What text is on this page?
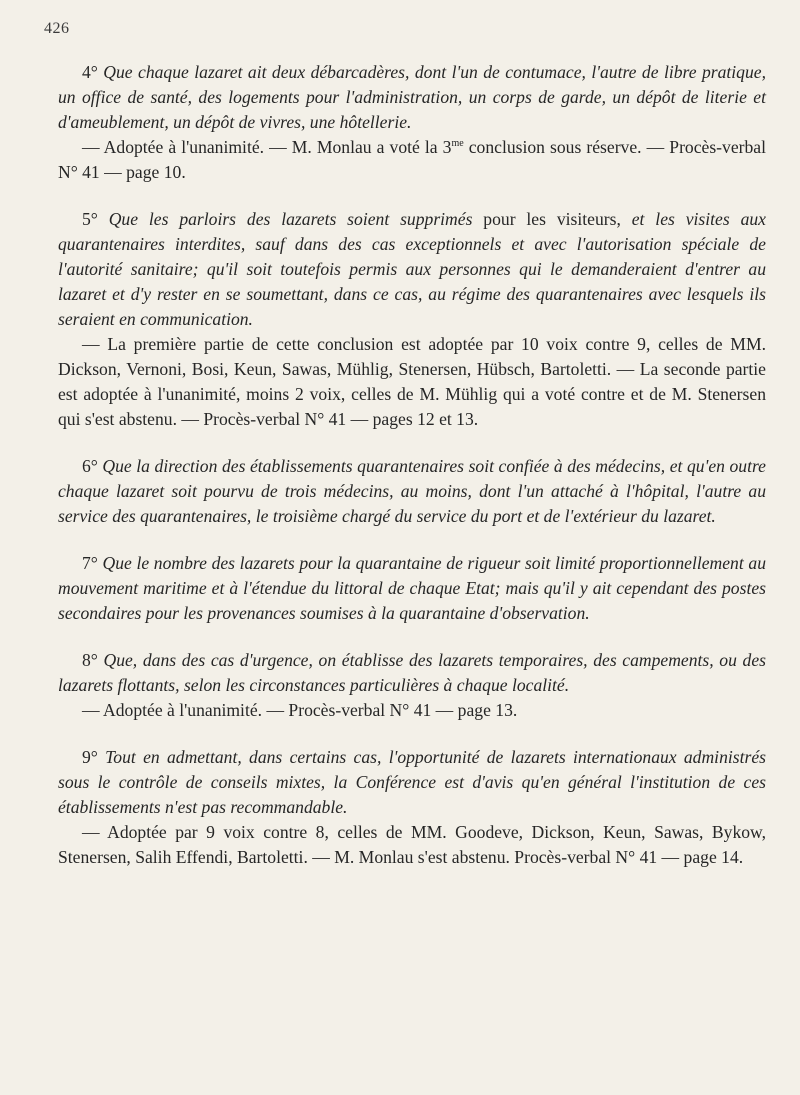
426

4° Que chaque lazaret ait deux débarcadères, dont l'un de contumace, l'autre de libre pratique, un office de santé, des logements pour l'administration, un corps de garde, un dépôt de literie et d'ameublement, un dépôt de vivres, une hôtellerie.

— Adoptée à l'unanimité. — M. Monlau a voté la $3^{me}$ conclusion sous réserve. — Procès-verbal N° 41 — page 10.

5° Que les parloirs des lazarets soient supprimés pour les visiteurs, et les visites aux quarantenaires interdites, sauf dans des cas exceptionnels et avec l'autorisation spéciale de l'autorité sanitaire; qu'il soit toutefois permis aux personnes qui le demanderaient d'entrer au lazaret et d'y rester en se soumettant, dans ce cas, au régime des quarantenaires avec lesquels ils seraient en communication.

— La première partie de cette conclusion est adoptée par 10 voix contre 9, celles de MM. Dickson, Vernoni, Bosi, Keun, Sawas, Mühlig, Stenersen, Hübsch, Bartoletti. — La seconde partie est adoptée à l'unanimité, moins 2 voix, celles de M. Mühlig qui a voté contre et de M. Stenersen qui s'est abstenu. — Procès-verbal N° 41 — pages 12 et 13.

6° Que la direction des établissements quarantenaires soit confiée à des médecins, et qu'en outre chaque lazaret soit pourvu de trois médecins, au moins, dont l'un attaché à l'hôpital, l'autre au service des quarantenaires, le troisième chargé du service du port et de l'extérieur du lazaret.

7° Que le nombre des lazarets pour la quarantaine de rigueur soit limité proportionnellement au mouvement maritime et à l'étendue du littoral de chaque Etat; mais qu'il y ait cependant des postes secondaires pour les provenances soumises à la quarantaine d'observation.

8° Que, dans des cas d'urgence, on établisse des lazarets temporaires, des campements, ou des lazarets flottants, selon les circonstances particulières à chaque localité.

— Adoptée à l'unanimité. — Procès-verbal N° 41 — page 13.

9° Tout en admettant, dans certains cas, l'opportunité de lazarets internationaux administrés sous le contrôle de conseils mixtes, la Conférence est d'avis qu'en général l'institution de ces établissements n'est pas recommandable.

— Adoptée par 9 voix contre 8, celles de MM. Goodeve, Dickson, Keun, Sawas, Bykow, Stenersen, Salih Effendi, Bartoletti. — M. Monlau s'est abstenu. Procès-verbal N° 41 — page 14.
